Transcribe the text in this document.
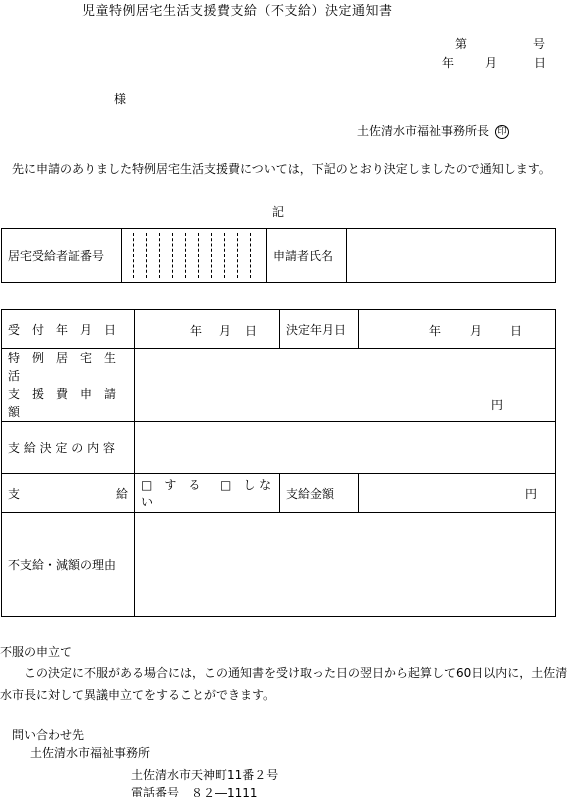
児童特例居宅生活支援費支給（不支給）決定通知書
第	号
年	月	日
様
土佐清水市福祉事務所長 印
　先に申請のありました特例居宅生活支援費については，下記のとおり決定しましたので通知します。
記
居宅受給者証番号		申請者氏名	
受　付　年　月　日	年 月 日	決定年月日	年 月 日

特　例　居　宅　生　活
支　援　費　申　請　額	円		

支 給 決 定 の 内 容			

支 給	□　す　る □　し な い	支給金額	円

不支給・減額の理由			
不服の申立て
　　この決定に不服がある場合には，この通知書を受け取った日の翌日から起算して60日以内に，土佐清水市長に対して異議申立てをすることができます。
問い合わせ先
土佐清水市福祉事務所
土佐清水市天神町11番２号
電話番号　８２―1111
